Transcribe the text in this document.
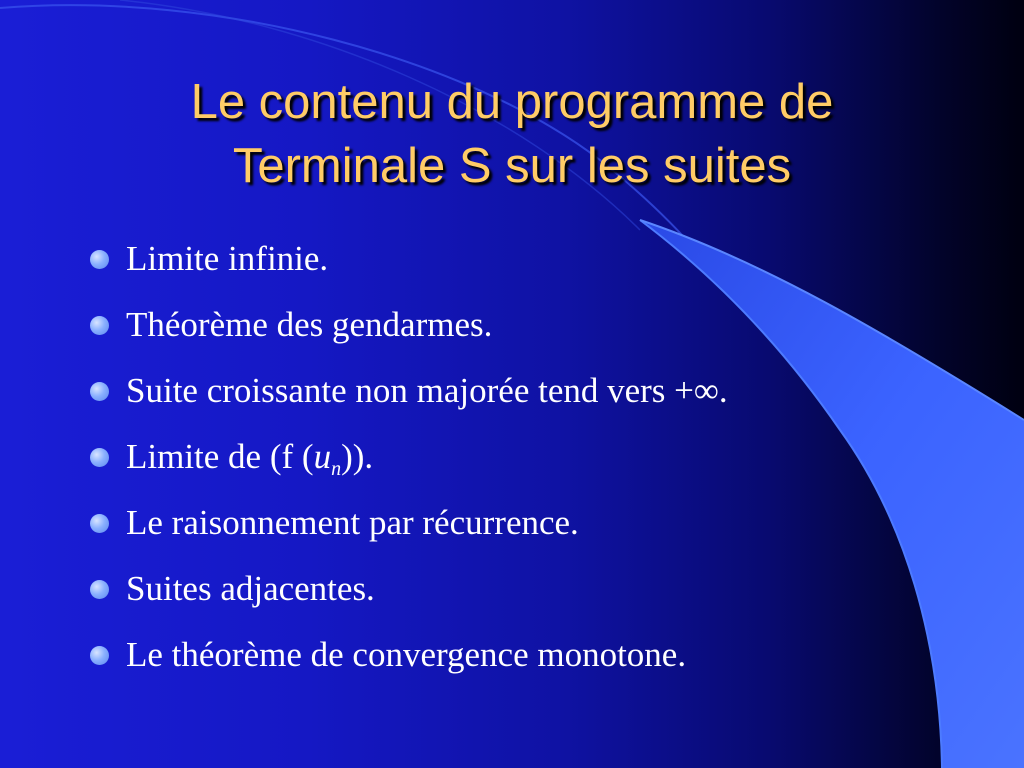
Le contenu du programme de
Terminale S sur les suites
Limite infinie.
Théorème des gendarmes.
Suite croissante non majorée tend vers +∞.
Limite de (f $(u_n)$).
Le raisonnement par récurrence.
Suites adjacentes.
Le théorème de convergence monotone.
